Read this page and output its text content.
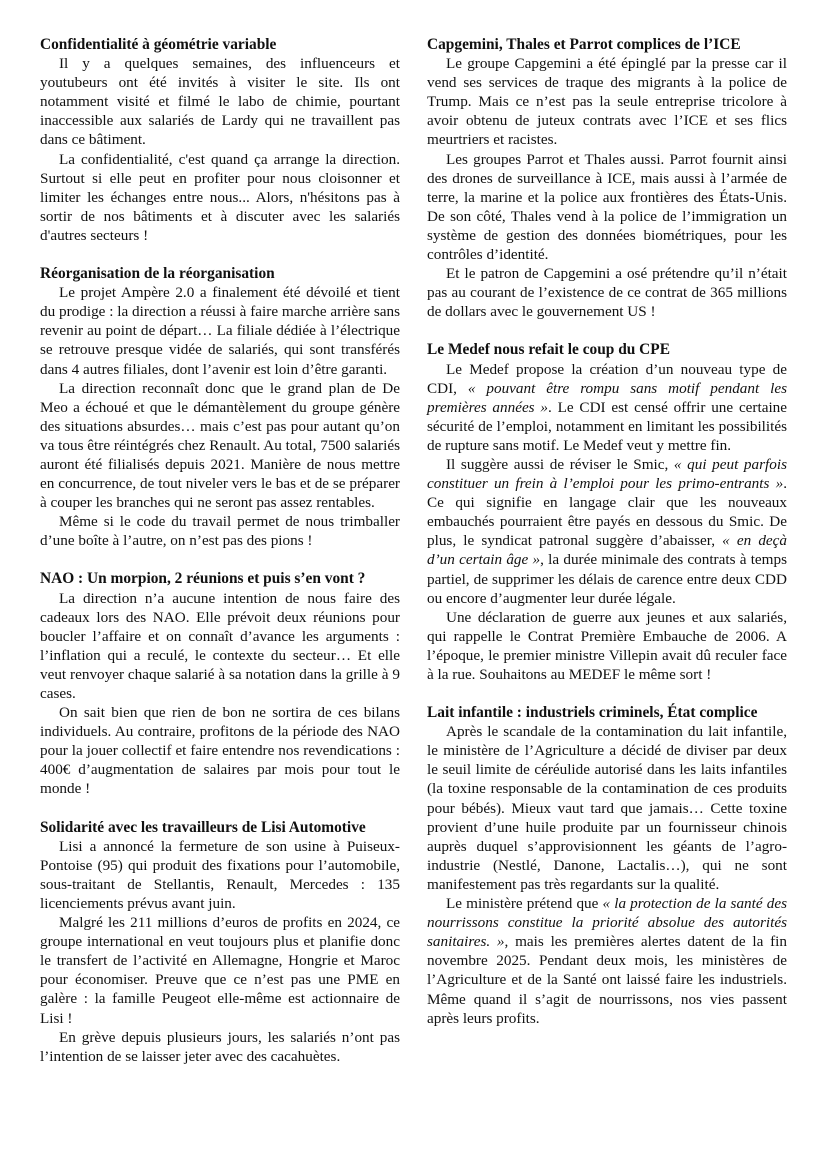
Confidentialité à géométrie variable

Il y a quelques semaines, des influenceurs et youtubeurs ont été invités à visiter le site. Ils ont notamment visité et filmé le labo de chimie, pourtant inaccessible aux salariés de Lardy qui ne travaillent pas dans ce bâtiment.

La confidentialité, c'est quand ça arrange la direction. Surtout si elle peut en profiter pour nous cloisonner et limiter les échanges entre nous... Alors, n'hésitons pas à sortir de nos bâtiments et à discuter avec les salariés d'autres secteurs !

Réorganisation de la réorganisation

Le projet Ampère 2.0 a finalement été dévoilé et tient du prodige : la direction a réussi à faire marche arrière sans revenir au point de départ… La filiale dédiée à l’électrique se retrouve presque vidée de salariés, qui sont transférés dans 4 autres filiales, dont l’avenir est loin d’être garanti.

La direction reconnaît donc que le grand plan de De Meo a échoué et que le démantèlement du groupe génère des situations absurdes… mais c’est pas pour autant qu’on va tous être réintégrés chez Renault. Au total, 7500 salariés auront été filialisés depuis 2021. Manière de nous mettre en concurrence, de tout niveler vers le bas et de se préparer à couper les branches qui ne seront pas assez rentables.

Même si le code du travail permet de nous trimballer d’une boîte à l’autre, on n’est pas des pions !

NAO : Un morpion, 2 réunions et puis s’en vont ?

La direction n’a aucune intention de nous faire des cadeaux lors des NAO. Elle prévoit deux réunions pour boucler l’affaire et on connaît d’avance les arguments : l’inflation qui a reculé, le contexte du secteur… Et elle veut renvoyer chaque salarié à sa notation dans la grille à 9 cases.

On sait bien que rien de bon ne sortira de ces bilans individuels. Au contraire, profitons de la période des NAO pour la jouer collectif et faire entendre nos revendications : 400€ d’augmentation de salaires par mois pour tout le monde !

Solidarité avec les travailleurs de Lisi Automotive

Lisi a annoncé la fermeture de son usine à Puiseux-Pontoise (95) qui produit des fixations pour l’automobile, sous-traitant de Stellantis, Renault, Mercedes : 135 licenciements prévus avant juin.

Malgré les 211 millions d’euros de profits en 2024, ce groupe international en veut toujours plus et planifie donc le transfert de l’activité en Allemagne, Hongrie et Maroc pour économiser. Preuve que ce n’est pas une PME en galère : la famille Peugeot elle-même est actionnaire de Lisi !

En grève depuis plusieurs jours, les salariés n’ont pas l’intention de se laisser jeter avec des cacahuètes.

Capgemini, Thales et Parrot complices de l’ICE

Le groupe Capgemini a été épinglé par la presse car il vend ses services de traque des migrants à la police de Trump. Mais ce n’est pas la seule entreprise tricolore à avoir obtenu de juteux contrats avec l’ICE et ses flics meurtriers et racistes.

Les groupes Parrot et Thales aussi. Parrot fournit ainsi des drones de surveillance à ICE, mais aussi à l’armée de terre, la marine et la police aux frontières des États-Unis. De son côté, Thales vend à la police de l’immigration un système de gestion des données biométriques, pour les contrôles d’identité.

Et le patron de Capgemini a osé prétendre qu’il n’était pas au courant de l’existence de ce contrat de 365 millions de dollars avec le gouvernement US !

Le Medef nous refait le coup du CPE

Le Medef propose la création d’un nouveau type de CDI, « pouvant être rompu sans motif pendant les premières années ». Le CDI est censé offrir une certaine sécurité de l’emploi, notamment en limitant les possibilités de rupture sans motif. Le Medef veut y mettre fin.

Il suggère aussi de réviser le Smic, « qui peut parfois constituer un frein à l’emploi pour les primo-entrants ». Ce qui signifie en langage clair que les nouveaux embauchés pourraient être payés en dessous du Smic. De plus, le syndicat patronal suggère d’abaisser, « en deçà d’un certain âge », la durée minimale des contrats à temps partiel, de supprimer les délais de carence entre deux CDD ou encore d’augmenter leur durée légale.

Une déclaration de guerre aux jeunes et aux salariés, qui rappelle le Contrat Première Embauche de 2006. A l’époque, le premier ministre Villepin avait dû reculer face à la rue. Souhaitons au MEDEF le même sort !

Lait infantile : industriels criminels, État complice

Après le scandale de la contamination du lait infantile, le ministère de l’Agriculture a décidé de diviser par deux le seuil limite de céréulide autorisé dans les laits infantiles (la toxine responsable de la contamination de ces produits pour bébés). Mieux vaut tard que jamais… Cette toxine provient d’une huile produite par un fournisseur chinois auprès duquel s’approvisionnent les géants de l’agro-industrie (Nestlé, Danone, Lactalis…), qui ne sont manifestement pas très regardants sur la qualité.

Le ministère prétend que « la protection de la santé des nourrissons constitue la priorité absolue des autorités sanitaires. », mais les premières alertes datent de la fin novembre 2025. Pendant deux mois, les ministères de l’Agriculture et de la Santé ont laissé faire les industriels. Même quand il s’agit de nourrissons, nos vies passent après leurs profits.
